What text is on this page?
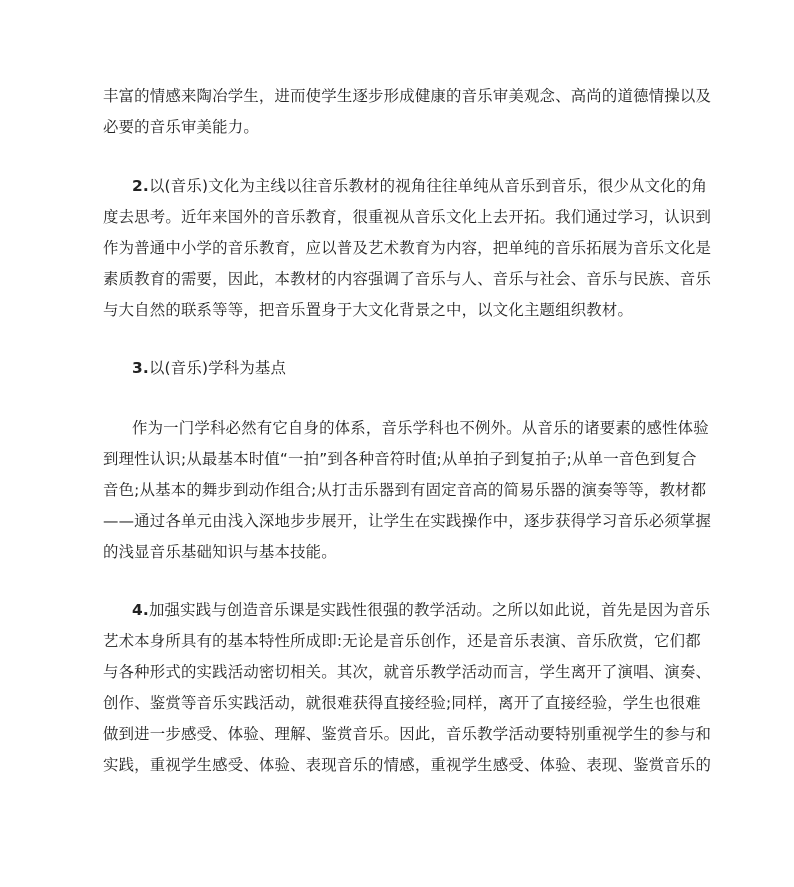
丰富的情感来陶冶学生，进而使学生逐步形成健康的音乐审美观念、高尚的道德情操以及
必要的音乐审美能力。
2.以(音乐)文化为主线以往音乐教材的视角往往单纯从音乐到音乐，很少从文化的角
度去思考。近年来国外的音乐教育，很重视从音乐文化上去开拓。我们通过学习，认识到
作为普通中小学的音乐教育，应以普及艺术教育为内容，把单纯的音乐拓展为音乐文化是
素质教育的需要，因此，本教材的内容强调了音乐与人、音乐与社会、音乐与民族、音乐
与大自然的联系等等，把音乐置身于大文化背景之中，以文化主题组织教材。
3.以(音乐)学科为基点
作为一门学科必然有它自身的体系，音乐学科也不例外。从音乐的诸要素的感性体验
到理性认识;从最基本时值“一拍”到各种音符时值;从单拍子到复拍子;从单一音色到复合
音色;从基本的舞步到动作组合;从打击乐器到有固定音高的简易乐器的演奏等等，教材都
——通过各单元由浅入深地步步展开，让学生在实践操作中，逐步获得学习音乐必须掌握
的浅显音乐基础知识与基本技能。
4.加强实践与创造音乐课是实践性很强的教学活动。之所以如此说，首先是因为音乐
艺术本身所具有的基本特性所成即:无论是音乐创作，还是音乐表演、音乐欣赏，它们都
与各种形式的实践活动密切相关。其次，就音乐教学活动而言，学生离开了演唱、演奏、
创作、鉴赏等音乐实践活动，就很难获得直接经验;同样，离开了直接经验，学生也很难
做到进一步感受、体验、理解、鉴赏音乐。因此，音乐教学活动要特别重视学生的参与和
实践，重视学生感受、体验、表现音乐的情感，重视学生感受、体验、表现、鉴赏音乐的
